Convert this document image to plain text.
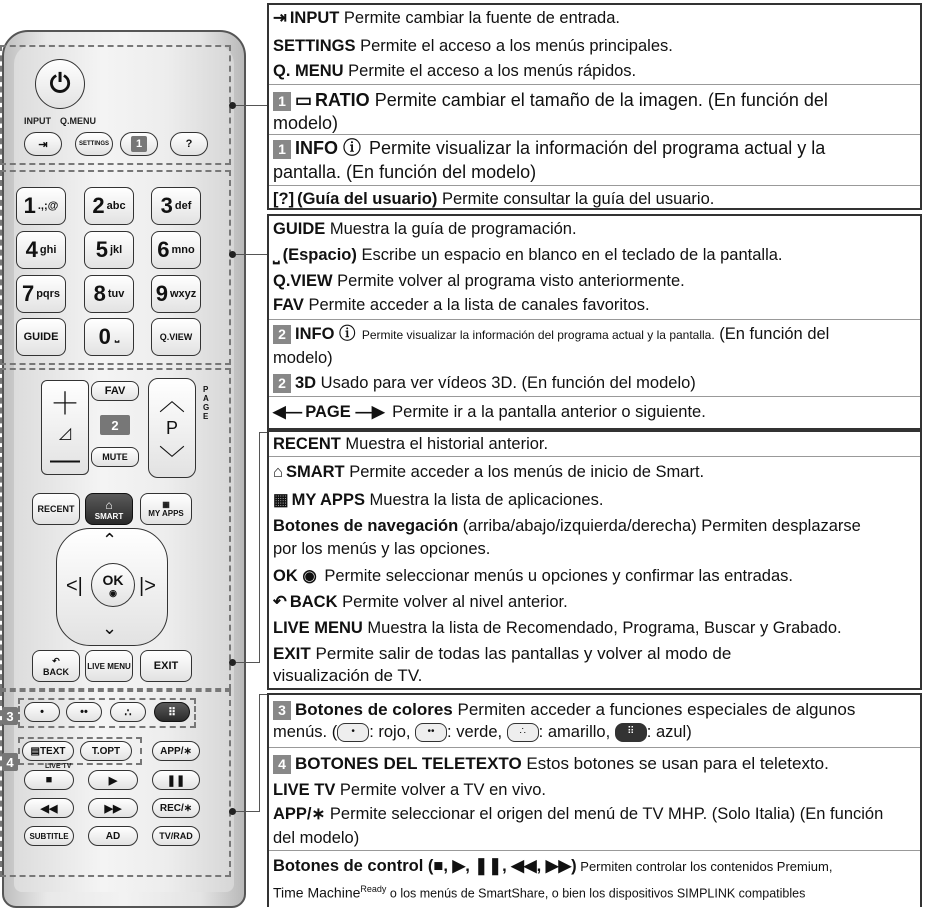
⏻
INPUT Q.MENU
⇥	SETTINGS	1	?
GUIDE	0 ⎵	Q.VIEW
＋
◿
—
FAV
2
MUTE
︿
P
﹀
PAGE
RECENT	⌂
SMART
▦
MY APPS
⌃
⌄
<|	|>
OK
◉
↶
BACK
LIVE MENU	EXIT
3	•	••	∴	⠿
4
▤ TEXT	T.OPT	APP/∗
LIVE TV
■	▶	❚❚
◀◀	▶▶	REC/∗
SUBTITLE	AD	TV/RAD
⇥ INPUT Permite cambiar la fuente de entrada.
SETTINGS Permite el acceso a los menús principales.
Q. MENU Permite el acceso a los menús rápidos.
1 ▭ RATIO Permite cambiar el tamaño de la imagen. (En función del
modelo)
1 INFO ⓘ Permite visualizar la información del programa actual y la
pantalla. (En función del modelo)
[?] (Guía del usuario) Permite consultar la guía del usuario.
GUIDE Muestra la guía de programación.
⎵ (Espacio) Escribe un espacio en blanco en el teclado de la pantalla.
Q.VIEW Permite volver al programa visto anteriormente.
FAV Permite acceder a la lista de canales favoritos.
2 INFO ⓘ Permite visualizar la información del programa actual y la pantalla. (En función del
modelo)
2 3D Usado para ver vídeos 3D. (En función del modelo)
◀― PAGE ―▶ Permite ir a la pantalla anterior o siguiente.
RECENT Muestra el historial anterior.
⌂ SMART Permite acceder a los menús de inicio de Smart.
▦ MY APPS Muestra la lista de aplicaciones.
Botones de navegación (arriba/abajo/izquierda/derecha) Permiten desplazarse
por los menús y las opciones.
OK ◉ Permite seleccionar menús u opciones y confirmar las entradas.
↶ BACK Permite volver al nivel anterior.
LIVE MENU Muestra la lista de Recomendado, Programa, Buscar y Grabado.
EXIT Permite salir de todas las pantallas y volver al modo de
visualización de TV.
3 Botones de colores Permiten acceder a funciones especiales de algunos
menús. ( • : rojo, •• : verde, ∴ : amarillo, ⠿ : azul)
4 BOTONES DEL TELETEXTO Estos botones se usan para el teletexto.
LIVE TV Permite volver a TV en vivo.
APP/∗ Permite seleccionar el origen del menú de TV MHP. (Solo Italia) (En función
del modelo)
Botones de control (■, ▶, ❚❚, ◀◀, ▶▶) Permiten controlar los contenidos Premium,
Time Machine$^{Ready}$ o los menús de SmartShare, o bien los dispositivos SIMPLINK compatibles
1 .,;@ 2 abc 3 def
4 ghi 5 jkl 6 mno
7 pqrs 8 tuv 9 wxyz
